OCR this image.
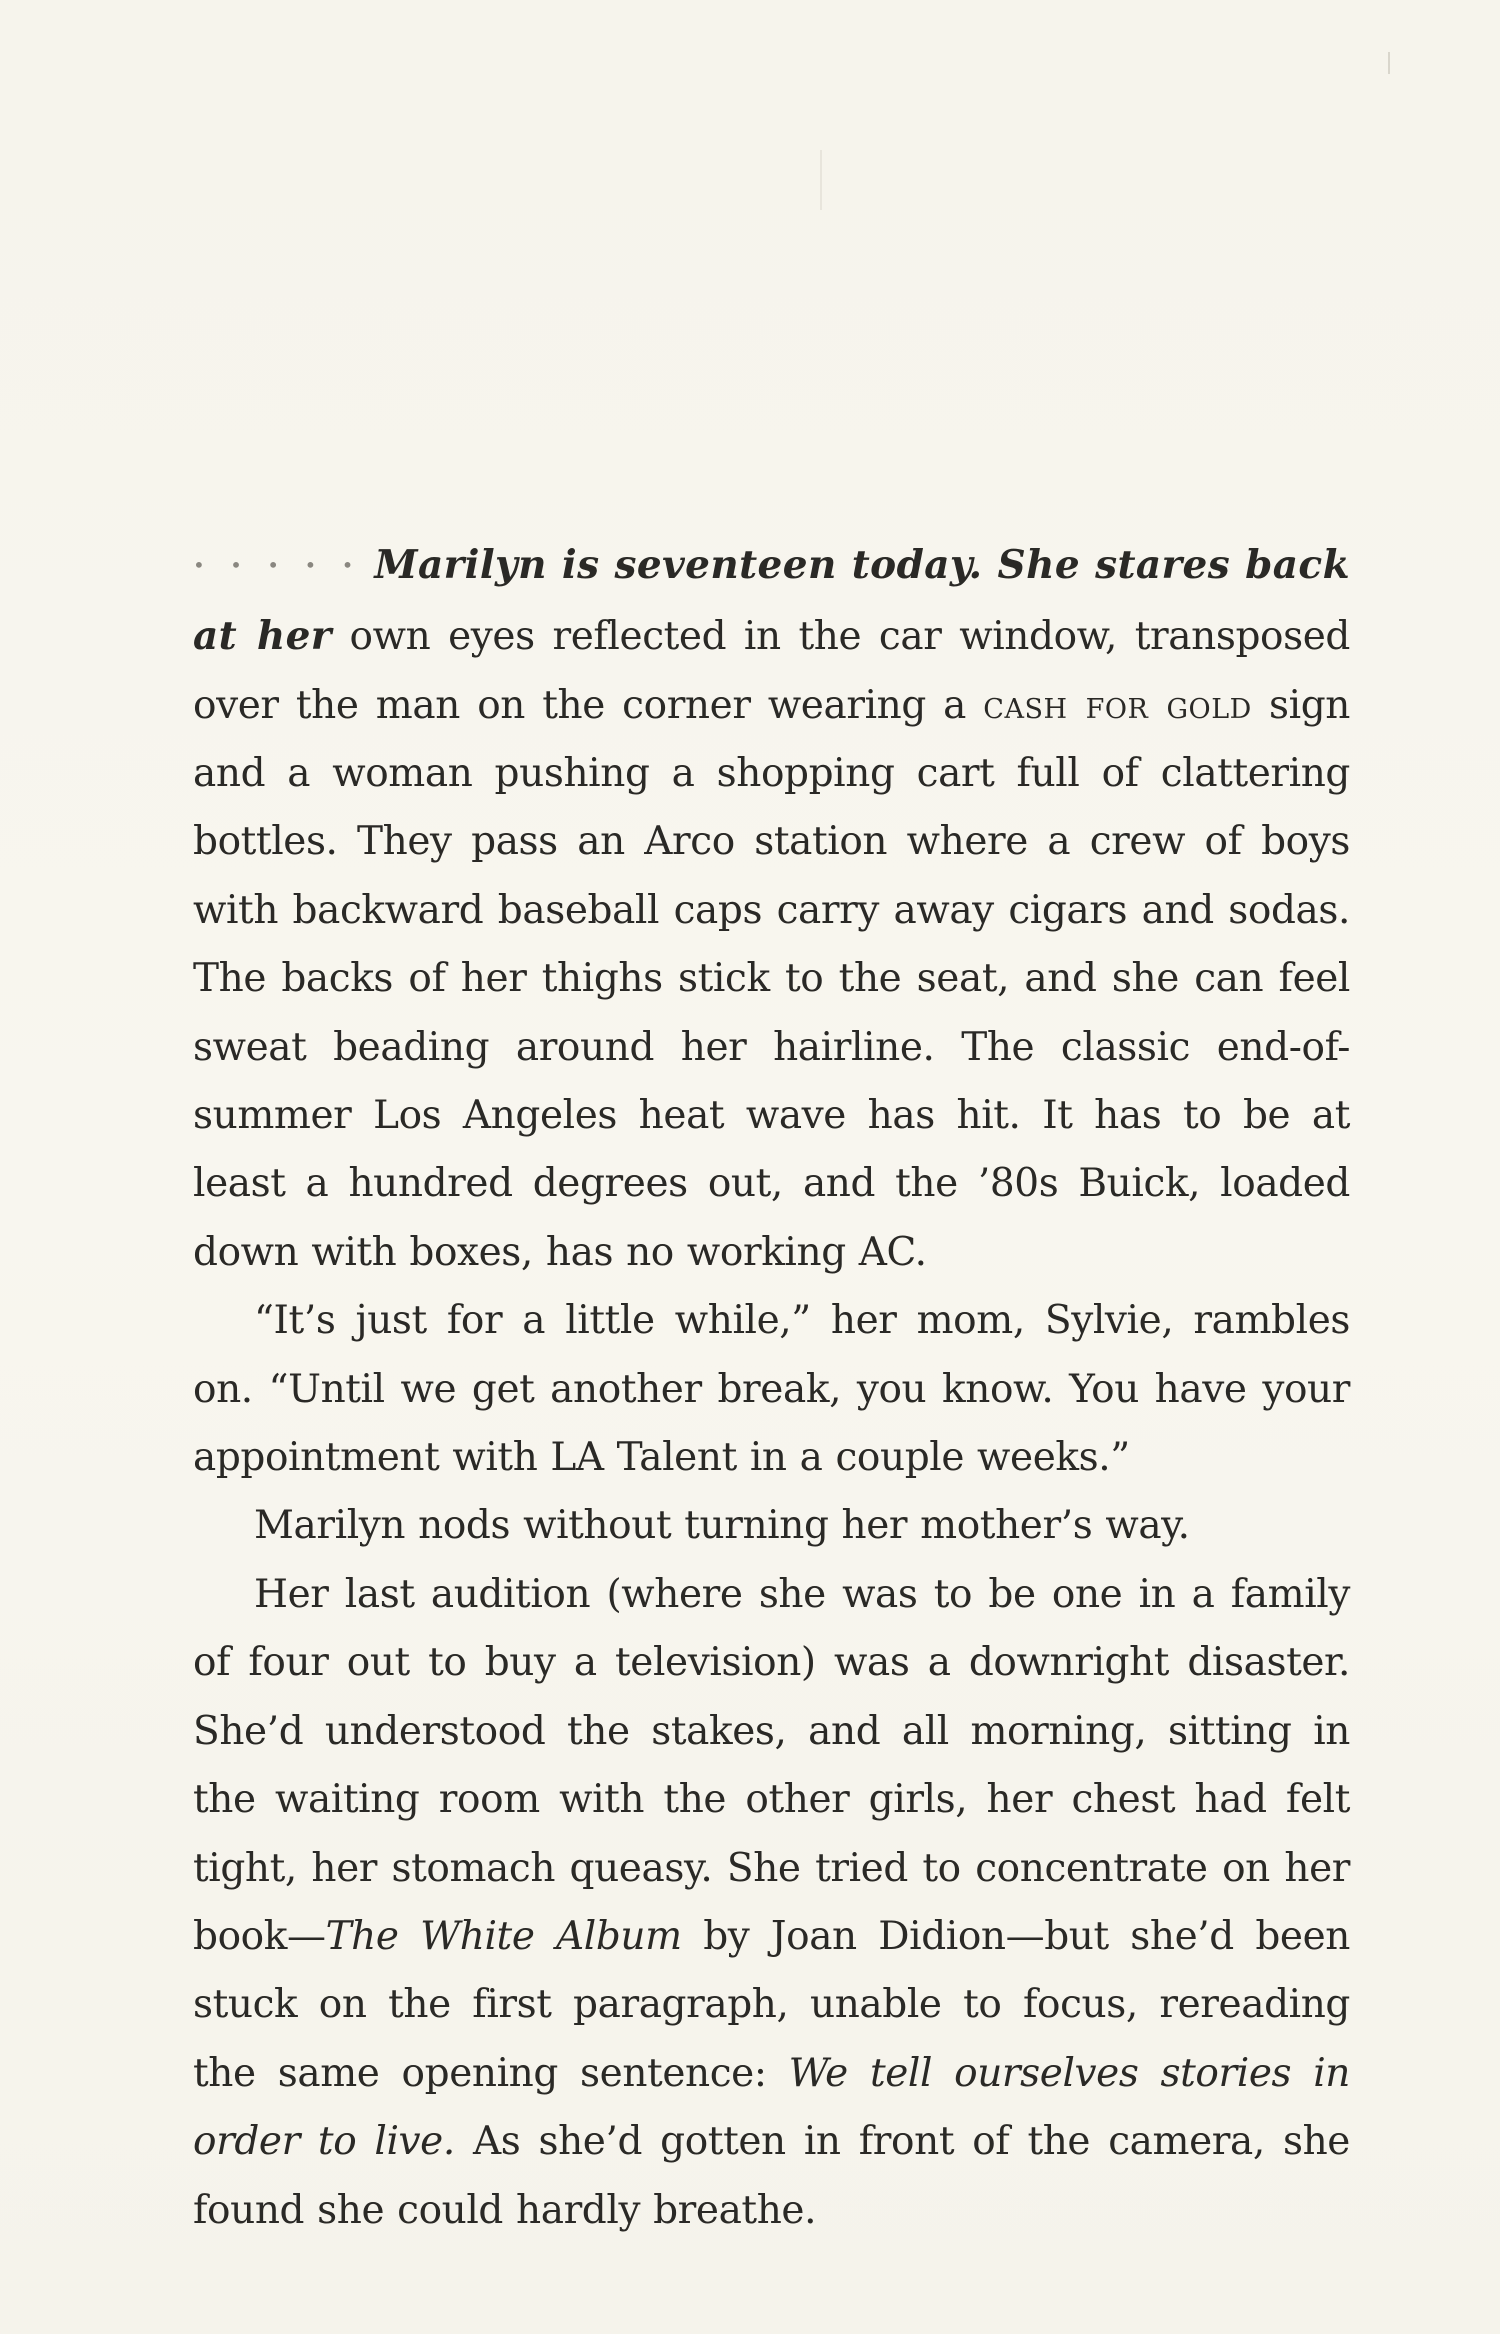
• • • • • Marilyn is seventeen today. She stares back at her own eyes reflected in the car window, transposed over the man on the corner wearing a cash for gold sign and a woman pushing a shopping cart full of clattering bottles. They pass an Arco station where a crew of boys with backward baseball caps carry away cigars and sodas. The backs of her thighs stick to the seat, and she can feel sweat beading around her hairline. The classic end-of-summer Los Angeles heat wave has hit. It has to be at least a hundred degrees out, and the ’80s Buick, loaded down with boxes, has no working AC.

“It’s just for a little while,” her mom, Sylvie, rambles on. “Until we get another break, you know. You have your appointment with LA Talent in a couple weeks.”

Marilyn nods without turning her mother’s way.

Her last audition (where she was to be one in a family of four out to buy a television) was a downright disaster. She’d understood the stakes, and all morning, sitting in the waiting room with the other girls, her chest had felt tight, her stomach queasy. She tried to concentrate on her book—The White Album by Joan Didion—but she’d been stuck on the first paragraph, unable to focus, rereading the same opening sentence: We tell ourselves stories in order to live. As she’d gotten in front of the camera, she found she could hardly breathe.
